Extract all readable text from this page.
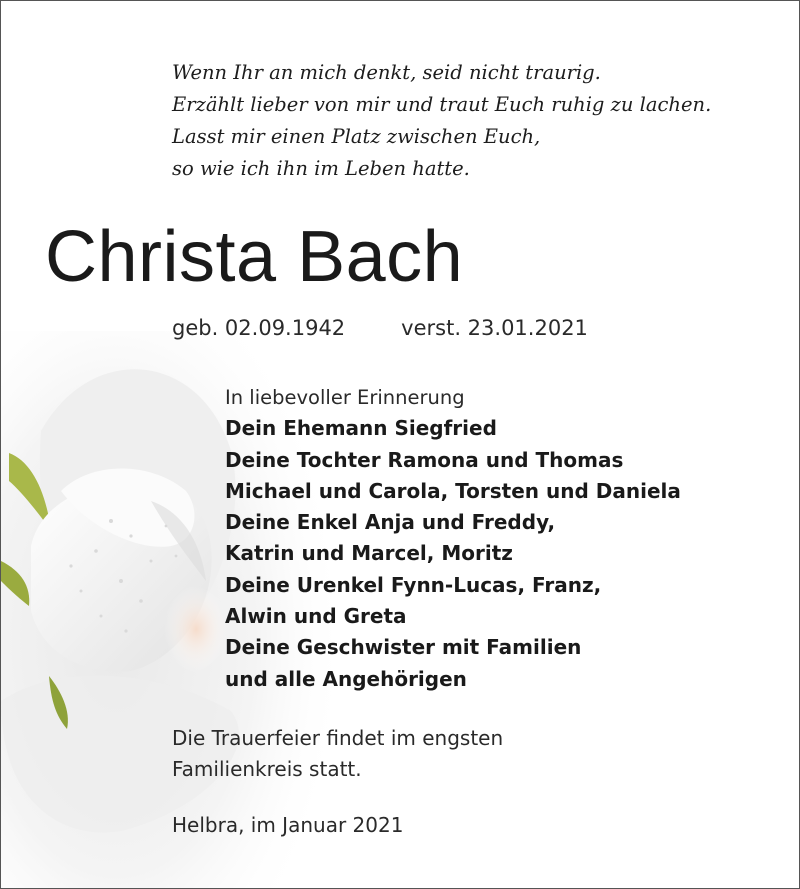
Wenn Ihr an mich denkt, seid nicht traurig.
Erzählt lieber von mir und traut Euch ruhig zu lachen.
Lasst mir einen Platz zwischen Euch,
so wie ich ihn im Leben hatte.
Christa Bach
geb. 02.09.1942	verst. 23.01.2021
In liebevoller Erinnerung
Dein Ehemann Siegfried
Deine Tochter Ramona und Thomas
Michael und Carola, Torsten und Daniela
Deine Enkel Anja und Freddy,
Katrin und Marcel, Moritz
Deine Urenkel Fynn-Lucas, Franz,
Alwin und Greta
Deine Geschwister mit Familien
und alle Angehörigen
Die Trauerfeier findet im engsten
Familienkreis statt.
Helbra, im Januar 2021
